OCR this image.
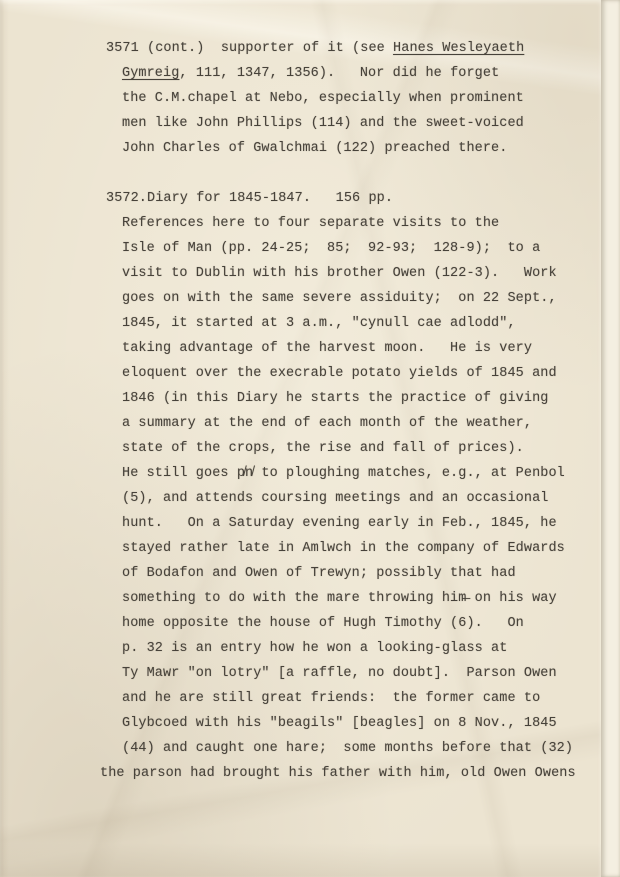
3571 (cont.)  supporter of it (see Hanes Wesleyaeth
Gymreig, 111, 1347, 1356).   Nor did he forget
the C.M.chapel at Nebo, especially when prominent
men like John Phillips (114) and the sweet-voiced
John Charles of Gwalchmai (122) preached there.
3572.Diary for 1845-1847.   156 pp.
References here to four separate visits to the
Isle of Man (pp. 24-25;  85;  92-93;  128-9);  to a
visit to Dublin with his brother Owen (122-3).   Work
goes on with the same severe assiduity;  on 22 Sept.,
1845, it started at 3 a.m., "cynull cae adlodd",
taking advantage of the harvest moon.   He is very
eloquent over the execrable potato yields of 1845 and
1846 (in this Diary he starts the practice of giving
a summary at the end of each month of the weather,
state of the crops, the rise and fall of prices).
He still goes p̸n̸ to ploughing matches, e.g., at Penbol
(5), and attends coursing meetings and an occasional
hunt.   On a Saturday evening early in Feb., 1845, he
stayed rather late in Amlwch in the company of Edwards
of Bodafon and Owen of Trewyn; possibly that had
something to do with the mare throwing him̶ on his way
home opposite the house of Hugh Timothy (6).   On
p. 32 is an entry how he won a looking-glass at
Ty Mawr "on lotry" [a raffle, no doubt].  Parson Owen
and he are still great friends:  the former came to
Glybcoed with his "beagils" [beagles] on 8 Nov., 1845
(44) and caught one hare;  some months before that (32)
the parson had brought his father with him, old Owen Owens
